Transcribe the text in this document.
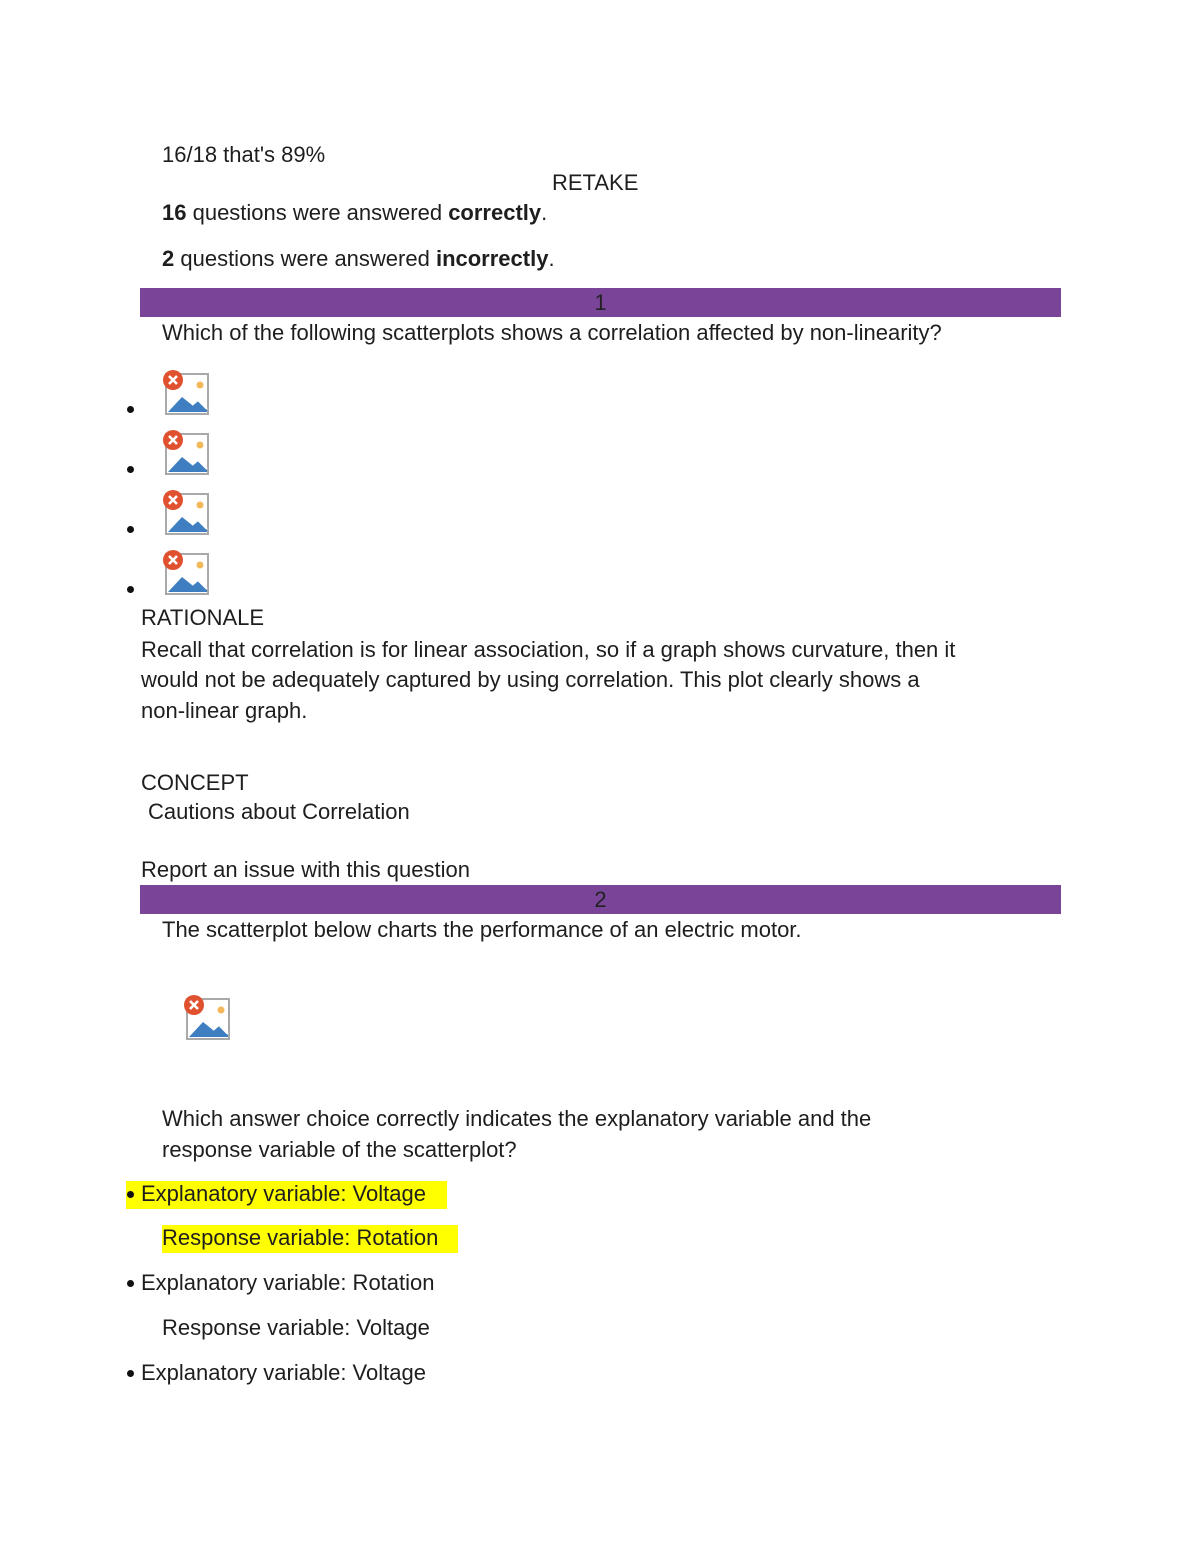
16/18 that's 89%
RETAKE
16 questions were answered correctly.
2 questions were answered incorrectly.
1
Which of the following scatterplots shows a correlation affected by non-linearity?
RATIONALE
Recall that correlation is for linear association, so if a graph shows curvature, then it
would not be adequately captured by using correlation. This plot clearly shows a
non-linear graph.
CONCEPT
Cautions about Correlation
Report an issue with this question
2
The scatterplot below charts the performance of an electric motor.
Which answer choice correctly indicates the explanatory variable and the
response variable of the scatterplot?
Explanatory variable: Voltage
Response variable: Rotation
Explanatory variable: Rotation
Response variable: Voltage
Explanatory variable: Voltage
